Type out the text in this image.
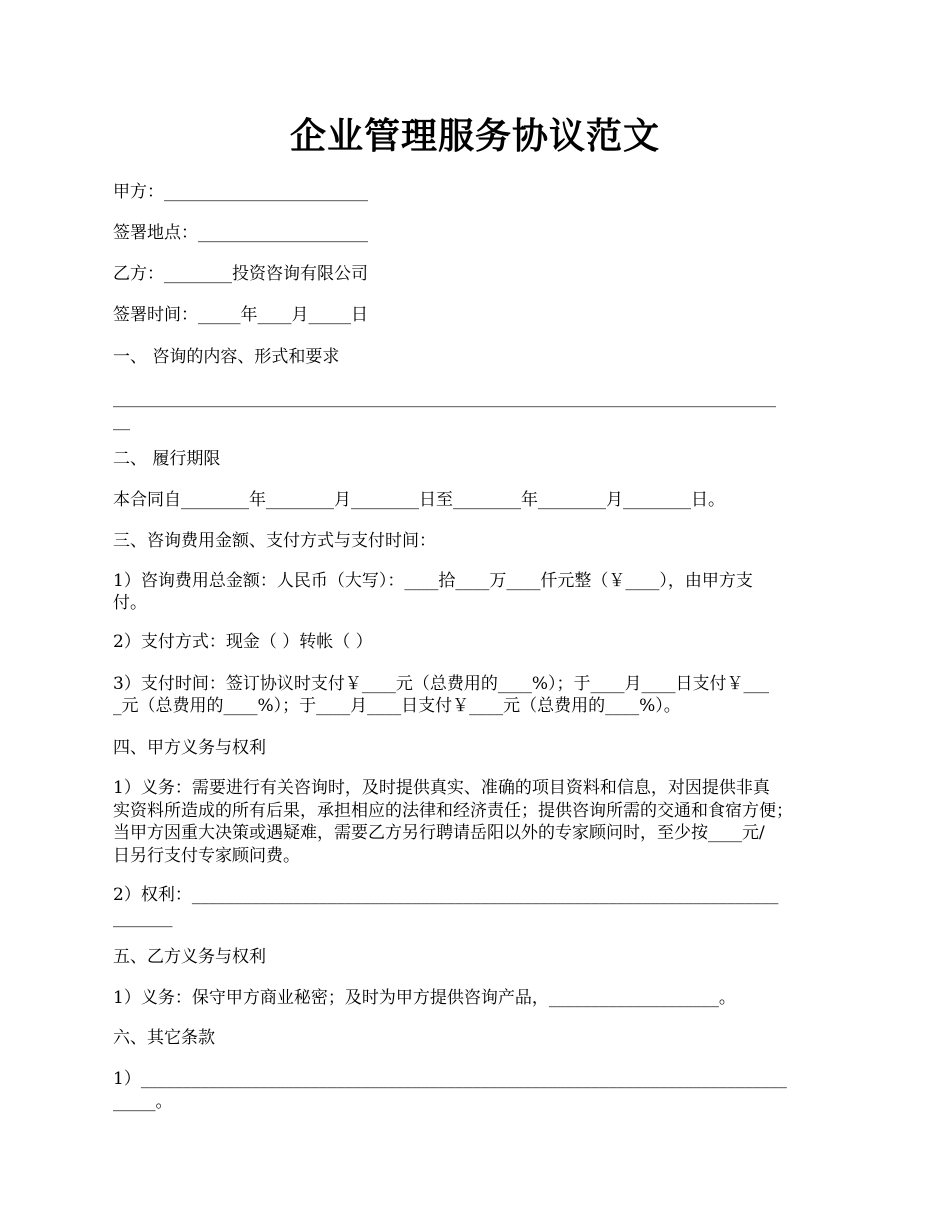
企业管理服务协议范文
甲方：________________________
签署地点：____________________
乙方：________投资咨询有限公司
签署时间：_____年____月_____日
一、 咨询的内容、形式和要求
______________________________________________________________________________
__
二、 履行期限
本合同自________年________月________日至________年________月________日。
三、咨询费用金额、支付方式与支付时间：
1）咨询费用总金额：人民币（大写）：____拾____万____仟元整（￥____），由甲方支
付。
2）支付方式：现金（ ）转帐（ ）
3）支付时间：签订协议时支付￥____元（总费用的____%）；于____月____日支付￥___
_元（总费用的____%）；于____月____日支付￥____元（总费用的____%）。
四、甲方义务与权利
1）义务：需要进行有关咨询时，及时提供真实、准确的项目资料和信息，对因提供非真
实资料所造成的所有后果，承担相应的法律和经济责任；提供咨询所需的交通和食宿方便；
当甲方因重大决策或遇疑难，需要乙方另行聘请岳阳以外的专家顾问时，至少按____元/
日另行支付专家顾问费。
2）权利：_____________________________________________________________________
_______
五、乙方义务与权利
1）义务：保守甲方商业秘密；及时为甲方提供咨询产品，____________________。
六、其它条款
1）____________________________________________________________________________
_____。
